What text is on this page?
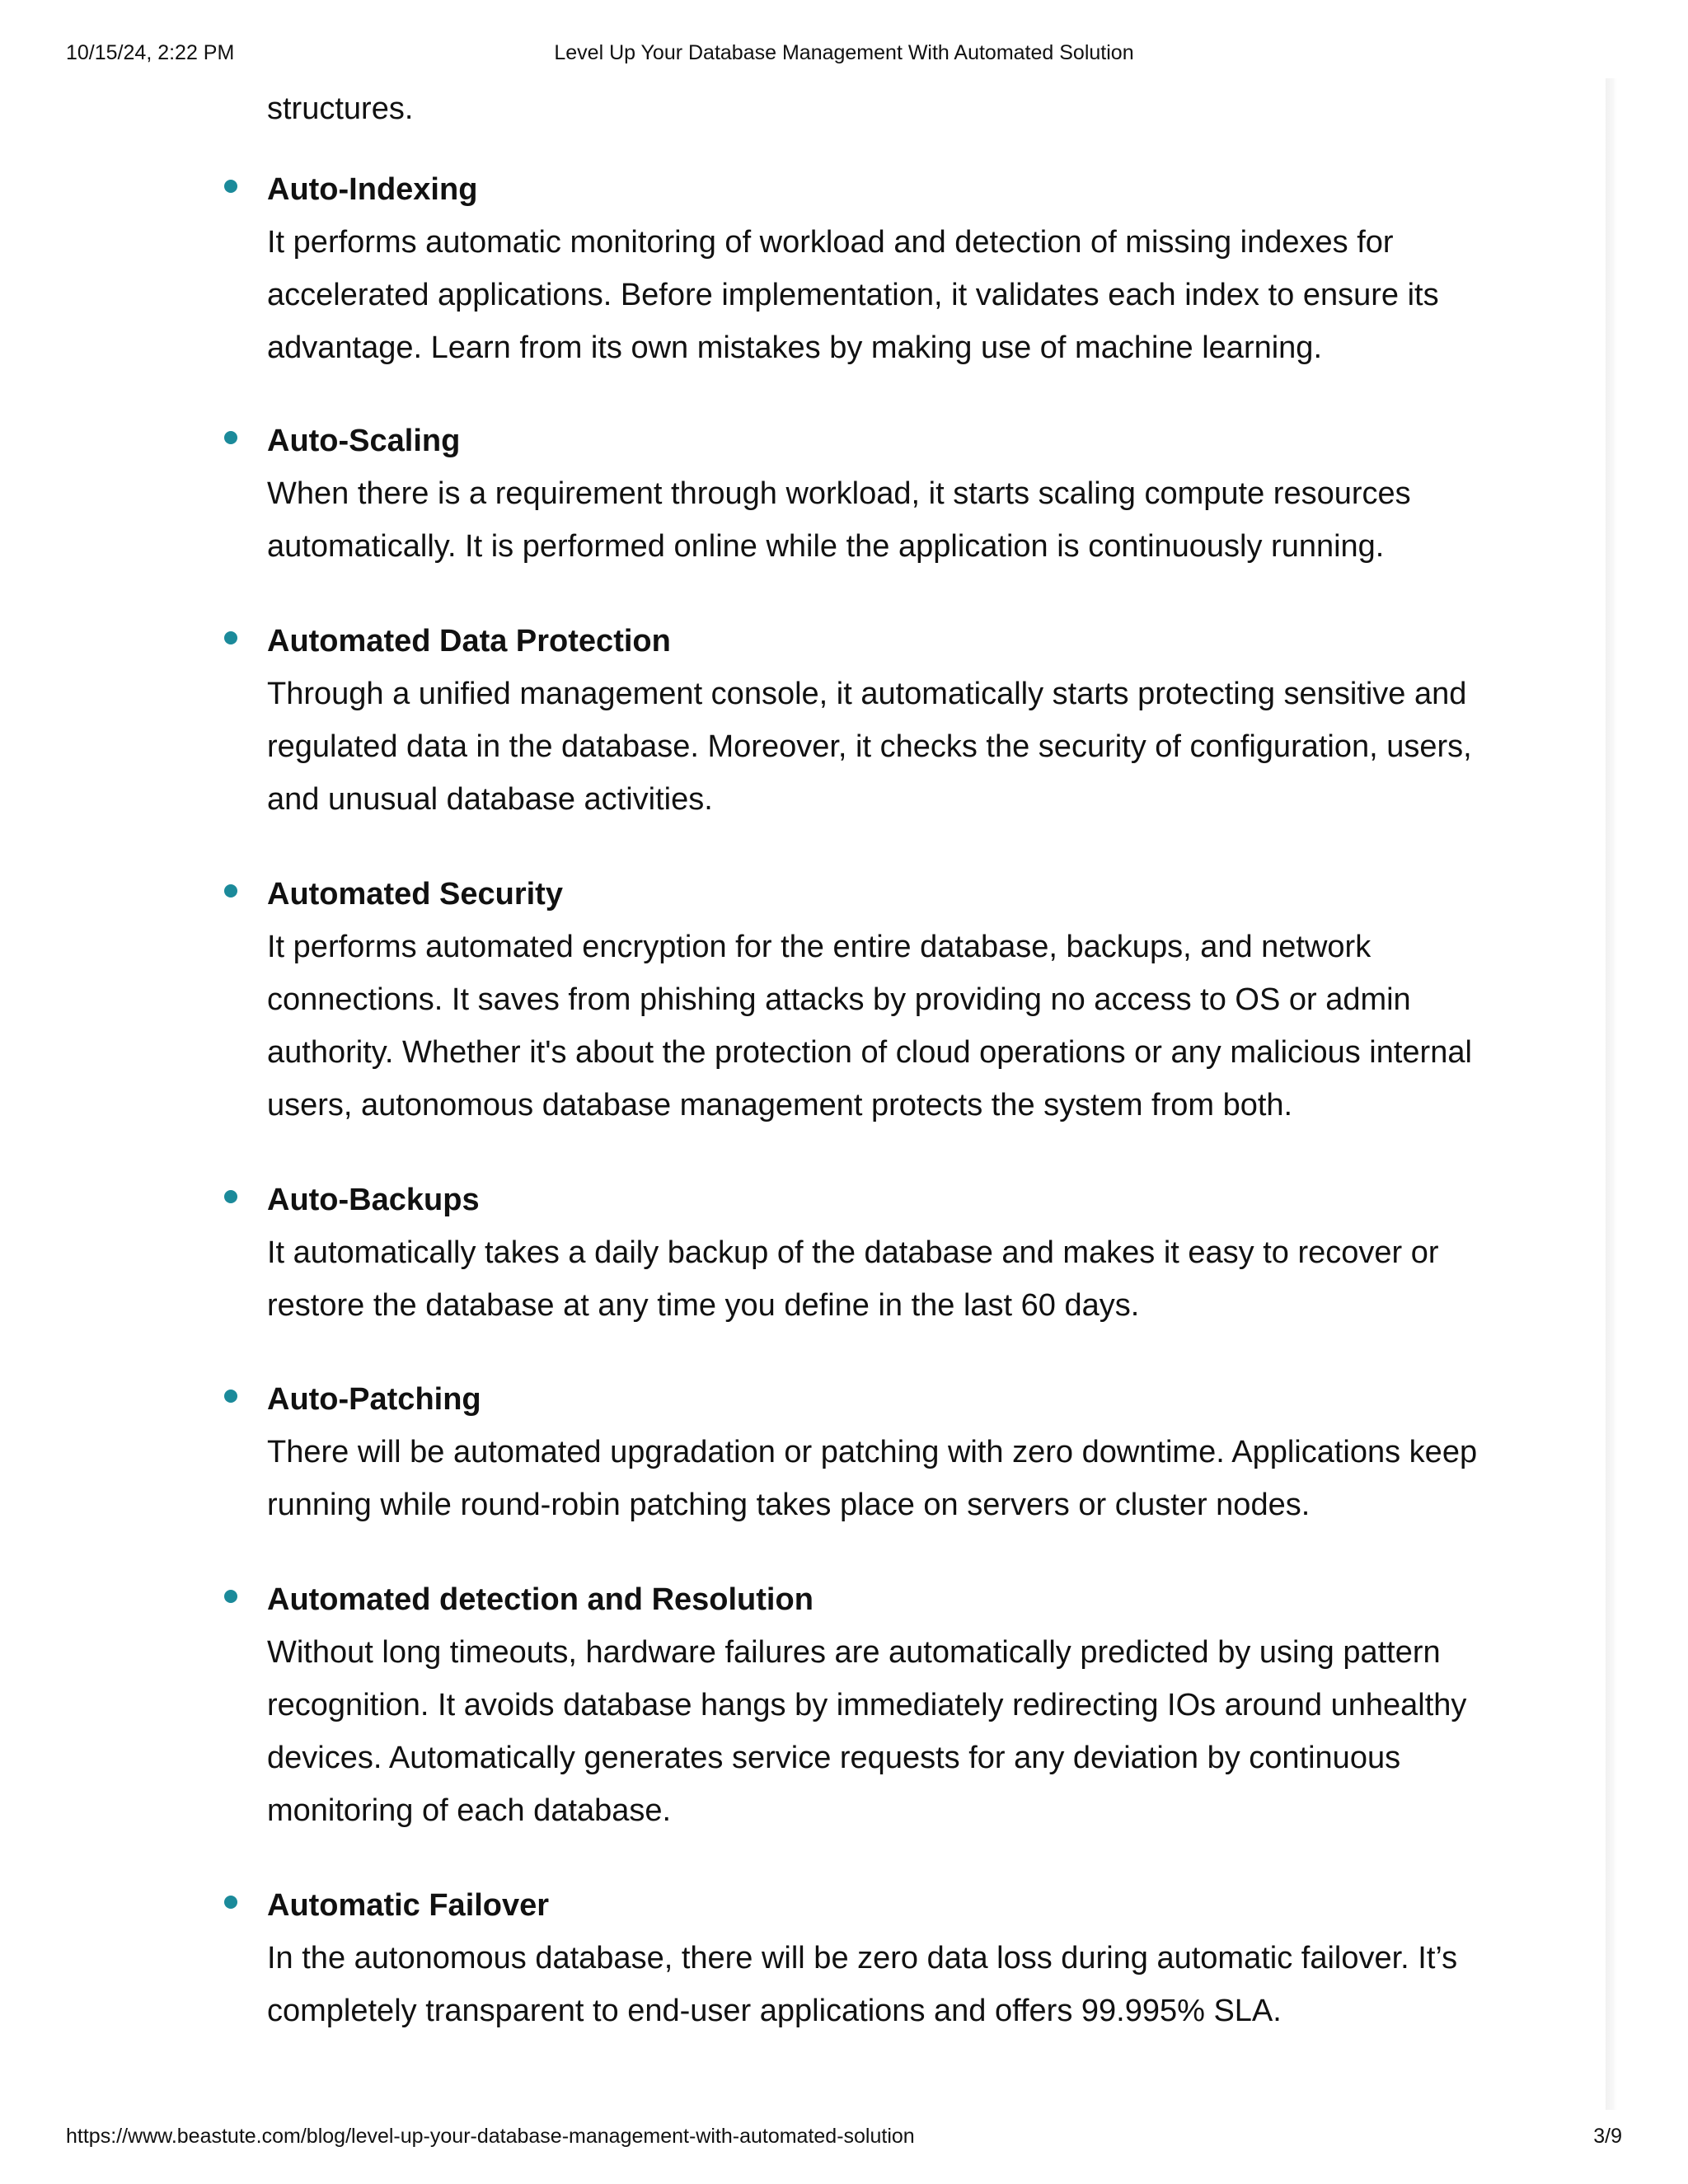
10/15/24, 2:22 PM	Level Up Your Database Management With Automated Solution
structures.
Auto-Indexing
It performs automatic monitoring of workload and detection of missing indexes for accelerated applications. Before implementation, it validates each index to ensure its advantage. Learn from its own mistakes by making use of machine learning.
Auto-Scaling
When there is a requirement through workload, it starts scaling compute resources automatically. It is performed online while the application is continuously running.
Automated Data Protection
Through a unified management console, it automatically starts protecting sensitive and regulated data in the database. Moreover, it checks the security of configuration, users, and unusual database activities.
Automated Security
It performs automated encryption for the entire database, backups, and network connections. It saves from phishing attacks by providing no access to OS or admin authority. Whether it's about the protection of cloud operations or any malicious internal users, autonomous database management protects the system from both.
Auto-Backups
It automatically takes a daily backup of the database and makes it easy to recover or restore the database at any time you define in the last 60 days.
Auto-Patching
There will be automated upgradation or patching with zero downtime. Applications keep running while round-robin patching takes place on servers or cluster nodes.
Automated detection and Resolution
Without long timeouts, hardware failures are automatically predicted by using pattern recognition. It avoids database hangs by immediately redirecting IOs around unhealthy devices. Automatically generates service requests for any deviation by continuous monitoring of each database.
Automatic Failover
In the autonomous database, there will be zero data loss during automatic failover. It’s completely transparent to end-user applications and offers 99.995% SLA.
https://www.beastute.com/blog/level-up-your-database-management-with-automated-solution	3/9
